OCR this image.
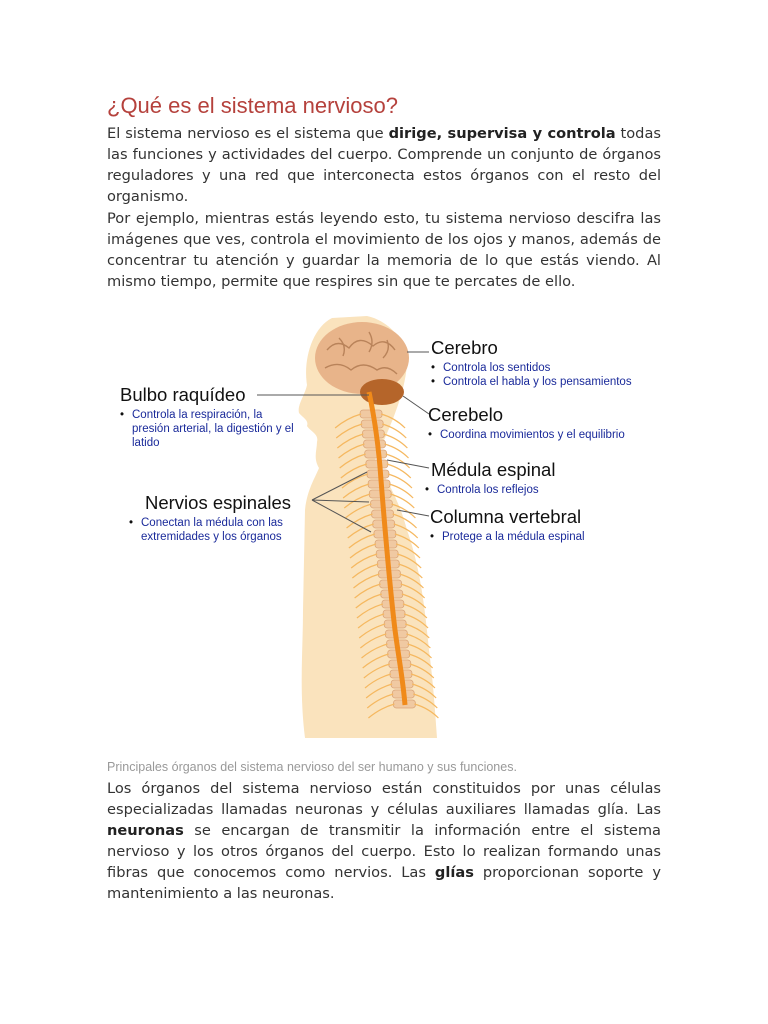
¿Qué es el sistema nervioso?

El sistema nervioso es el sistema que dirige, supervisa y controla todas las funciones y actividades del cuerpo. Comprende un conjunto de órganos reguladores y una red que interconecta estos órganos con el resto del organismo.

Por ejemplo, mientras estás leyendo esto, tu sistema nervioso descifra las imágenes que ves, controla el movimiento de los ojos y manos, además de concentrar tu atención y guardar la memoria de lo que estás viendo. Al mismo tiempo, permite que respires sin que te percates de ello.

Cerebro
• Controla los sentidos
• Controla el habla y los pensamientos
Bulbo raquídeo
• Controla la respiración, la presión arterial, la digestión y el latido
Cerebelo
• Coordina movimientos y el equilibrio
Médula espinal
• Controla los reflejos
Nervios espinales
• Conectan la médula con las extremidades y los órganos
Columna vertebral
• Protege a la médula espinal

Principales órganos del sistema nervioso del ser humano y sus funciones.

Los órganos del sistema nervioso están constituidos por unas células especializadas llamadas neuronas y células auxiliares llamadas glía. Las neuronas se encargan de transmitir la información entre el sistema nervioso y los otros órganos del cuerpo. Esto lo realizan formando unas fibras que conocemos como nervios. Las glías proporcionan soporte y mantenimiento a las neuronas.
